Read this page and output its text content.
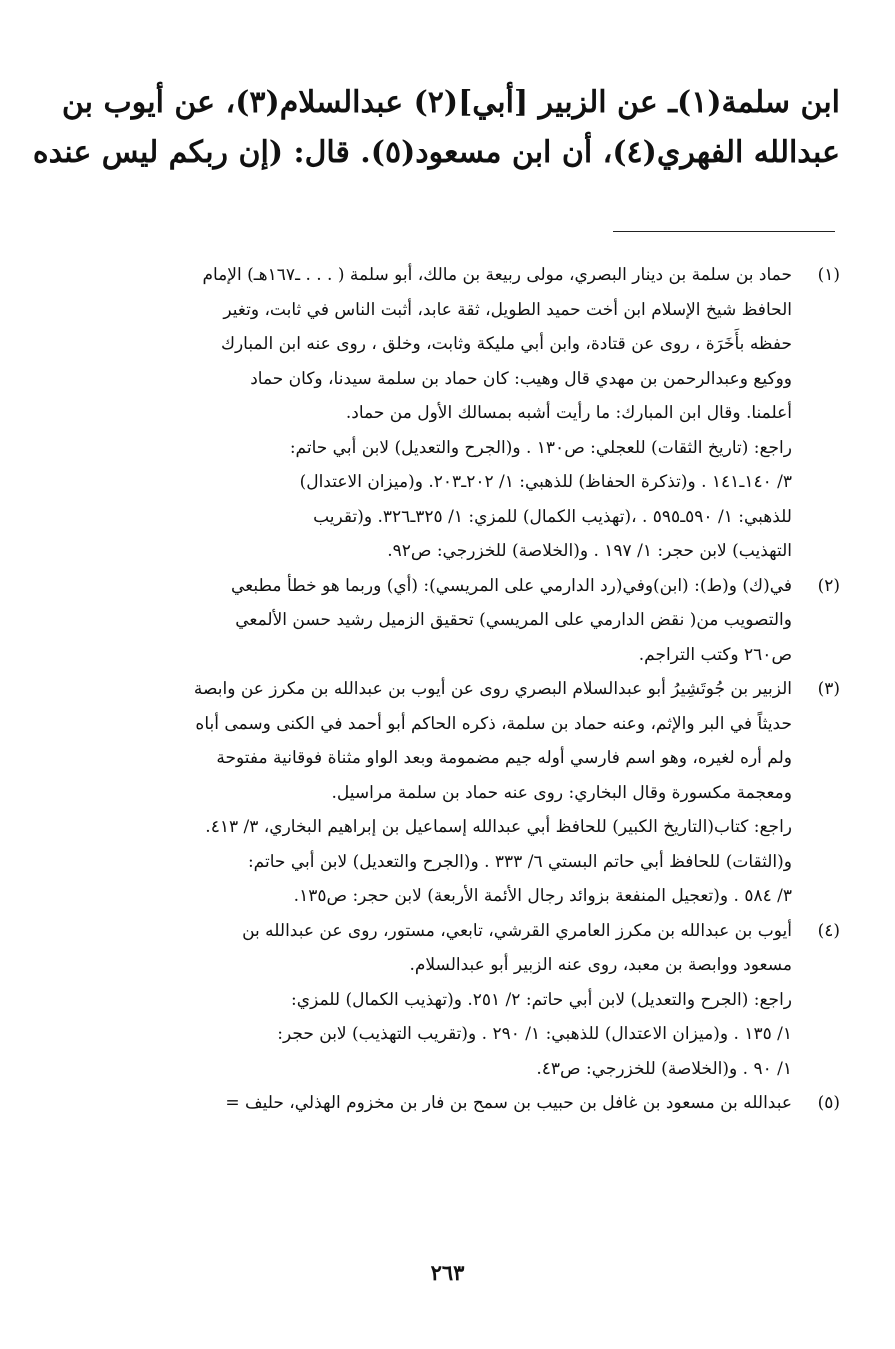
ابن سلمة(١)ـ عن الزبير [أبي](٢) عبدالسلام(٣)، عن أيوب بن
عبدالله الفهري(٤)، أن ابن مسعود(٥). قال: (إن ربكم ليس عنده
(١)
حماد بن سلمة بن دينار البصري، مولى ربيعة بن مالك، أبو سلمة ( . . . ـ١٦٧هـ) الإمام
الحافظ شيخ الإسلام ابن أخت حميد الطويل، ثقة عابد، أثبت الناس في ثابت، وتغير
حفظه بأَخَرَة ، روى عن قتادة، وابن أبي مليكة وثابت، وخلق ، روى عنه ابن المبارك
ووكيع وعبدالرحمن بن مهدي قال وهيب: كان حماد بن سلمة سيدنا، وكان حماد
أعلمنا. وقال ابن المبارك: ما رأيت أشبه بمسالك الأول من حماد.
راجع: (تاريخ الثقات) للعجلي: ص١٣٠ . و(الجرح والتعديل) لابن أبي حاتم:
٣/ ١٤٠ـ١٤١ . و(تذكرة الحفاظ) للذهبي: ١/ ٢٠٢ـ٢٠٣. و(ميزان الاعتدال)
للذهبي: ١/ ٥٩٠ـ٥٩٥ . ،(تهذيب الكمال) للمزي: ١/ ٣٢٥ـ٣٢٦. و(تقريب
التهذيب) لابن حجر: ١/ ١٩٧ . و(الخلاصة) للخزرجي: ص٩٢.
(٢)
في(ك) و(ط): (ابن)وفي(رد الدارمي على المريسي): (أي) وربما هو خطأ مطبعي
والتصويب من( نقض الدارمي على المريسي) تحقيق الزميل رشيد حسن الألمعي
ص٢٦٠ وكتب التراجم.
(٣)
الزبير بن جُوتَشِيرُ أبو عبدالسلام البصري روى عن أيوب بن عبدالله بن مكرز عن وابصة
حديثاً في البر والإثم، وعنه حماد بن سلمة، ذكره الحاكم أبو أحمد في الكنى وسمى أباه
ولم أره لغيره، وهو اسم فارسي أوله جيم مضمومة وبعد الواو مثناة فوقانية مفتوحة
ومعجمة مكسورة وقال البخاري: روى عنه حماد بن سلمة مراسيل.
راجع: كتاب(التاريخ الكبير) للحافظ أبي عبدالله إسماعيل بن إبراهيم البخاري، ٣/ ٤١٣.
و(الثقات) للحافظ أبي حاتم البستي ٦/ ٣٣٣ . و(الجرح والتعديل) لابن أبي حاتم:
٣/ ٥٨٤ . و(تعجيل المنفعة بزوائد رجال الأئمة الأربعة) لابن حجر: ص١٣٥.
(٤)
أيوب بن عبدالله بن مكرز العامري القرشي، تابعي، مستور، روى عن عبدالله بن
مسعود ووابصة بن معبد، روى عنه الزبير أبو عبدالسلام.
راجع: (الجرح والتعديل) لابن أبي حاتم: ٢/ ٢٥١. و(تهذيب الكمال) للمزي:
١/ ١٣٥ . و(ميزان الاعتدال) للذهبي: ١/ ٢٩٠ . و(تقريب التهذيب) لابن حجر:
١/ ٩٠ . و(الخلاصة) للخزرجي: ص٤٣.
(٥)
عبدالله بن مسعود بن غافل بن حبيب بن سمح بن فار بن مخزوم الهذلي، حليف =
٢٦٣
